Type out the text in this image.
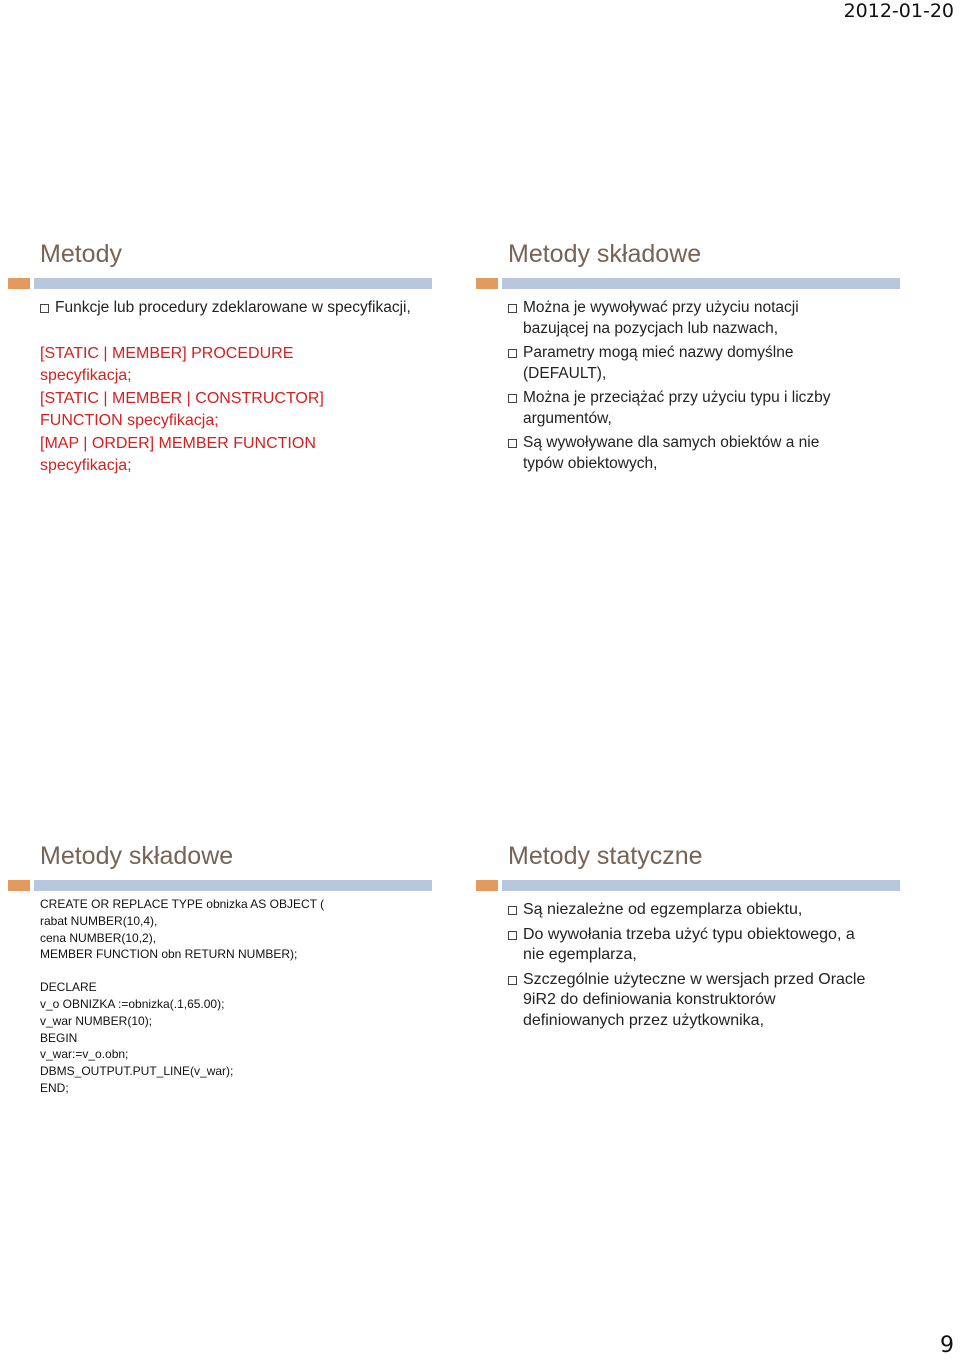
2012-01-20
Metody
Funkcje lub procedury zdeklarowane w specyfikacji,
[STATIC | MEMBER] PROCEDURE
specyfikacja;
[STATIC | MEMBER | CONSTRUCTOR]
FUNCTION specyfikacja;
[MAP | ORDER] MEMBER FUNCTION
specyfikacja;
Metody składowe
Można je wywoływać przy użyciu notacji bazującej na pozycjach lub nazwach,
Parametry mogą mieć nazwy domyślne (DEFAULT),
Można je przeciążać przy użyciu typu i liczby argumentów,
Są wywoływane dla samych obiektów a nie typów obiektowych,
Metody składowe
CREATE OR REPLACE TYPE obnizka AS OBJECT (
rabat NUMBER(10,4),
cena NUMBER(10,2),
MEMBER FUNCTION obn RETURN NUMBER);
DECLARE
v_o OBNIZKA :=obnizka(.1,65.00);
v_war NUMBER(10);
BEGIN
v_war:=v_o.obn;
DBMS_OUTPUT.PUT_LINE(v_war);
END;
Metody statyczne
Są niezależne od egzemplarza obiektu,
Do wywołania trzeba użyć typu obiektowego, a nie egemplarza,
Szczególnie użyteczne w wersjach przed Oracle 9iR2 do definiowania konstruktorów definiowanych przez użytkownika,
9
